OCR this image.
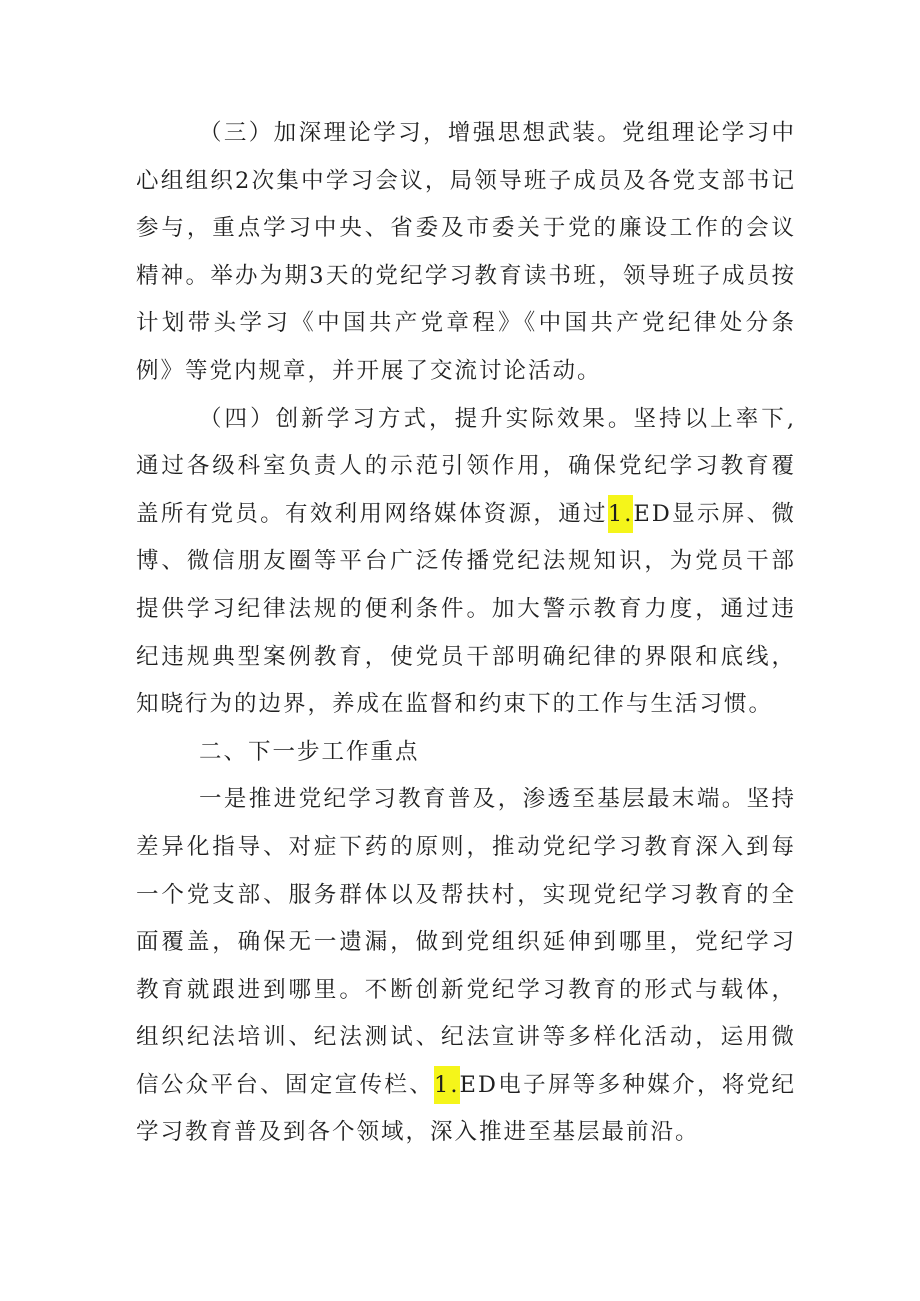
（三）加深理论学习，增强思想武装。党组理论学习中心组组织2次集中学习会议，局领导班子成员及各党支部书记参与，重点学习中央、省委及市委关于党的廉设工作的会议精神。举办为期3天的党纪学习教育读书班，领导班子成员按计划带头学习《中国共产党章程》《中国共产党纪律处分条例》等党内规章，并开展了交流讨论活动。

（四）创新学习方式，提升实际效果。坚持以上率下,通过各级科室负责人的示范引领作用，确保党纪学习教育覆盖所有党员。有效利用网络媒体资源，通过1.ED显示屏、微博、微信朋友圈等平台广泛传播党纪法规知识，为党员干部提供学习纪律法规的便利条件。加大警示教育力度，通过违纪违规典型案例教育，使党员干部明确纪律的界限和底线，知晓行为的边界，养成在监督和约束下的工作与生活习惯。

二、下一步工作重点

一是推进党纪学习教育普及，渗透至基层最末端。坚持差异化指导、对症下药的原则，推动党纪学习教育深入到每一个党支部、服务群体以及帮扶村，实现党纪学习教育的全面覆盖，确保无一遗漏，做到党组织延伸到哪里，党纪学习教育就跟进到哪里。不断创新党纪学习教育的形式与载体，组织纪法培训、纪法测试、纪法宣讲等多样化活动，运用微信公众平台、固定宣传栏、1.ED电子屏等多种媒介，将党纪学习教育普及到各个领域，深入推进至基层最前沿。
